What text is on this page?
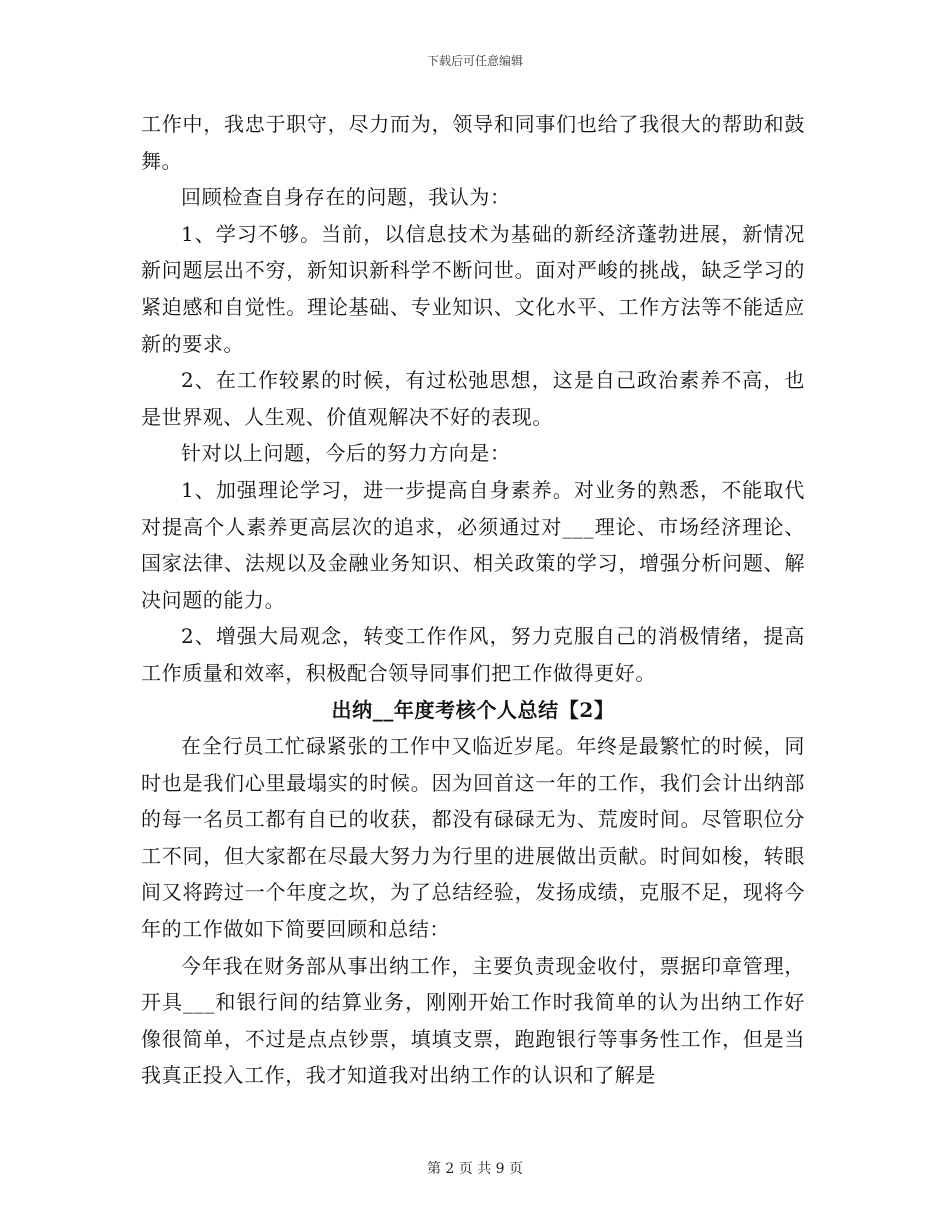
下载后可任意编辑

工作中，我忠于职守，尽力而为，领导和同事们也给了我很大的帮助和鼓舞。

回顾检查自身存在的问题，我认为：

1、学习不够。当前，以信息技术为基础的新经济蓬勃进展，新情况新问题层出不穷，新知识新科学不断问世。面对严峻的挑战，缺乏学习的紧迫感和自觉性。理论基础、专业知识、文化水平、工作方法等不能适应新的要求。

2、在工作较累的时候，有过松弛思想，这是自己政治素养不高，也是世界观、人生观、价值观解决不好的表现。

针对以上问题，今后的努力方向是：

1、加强理论学习，进一步提高自身素养。对业务的熟悉，不能取代对提高个人素养更高层次的追求，必须通过对___理论、市场经济理论、国家法律、法规以及金融业务知识、相关政策的学习，增强分析问题、解决问题的能力。

2、增强大局观念，转变工作作风，努力克服自己的消极情绪，提高工作质量和效率，积极配合领导同事们把工作做得更好。

出纳__年度考核个人总结【2】

在全行员工忙碌紧张的工作中又临近岁尾。年终是最繁忙的时候，同时也是我们心里最塌实的时候。因为回首这一年的工作，我们会计出纳部的每一名员工都有自已的收获，都没有碌碌无为、荒废时间。尽管职位分工不同，但大家都在尽最大努力为行里的进展做出贡献。时间如梭，转眼间又将跨过一个年度之坎，为了总结经验，发扬成绩，克服不足，现将今年的工作做如下简要回顾和总结：

今年我在财务部从事出纳工作，主要负责现金收付，票据印章管理，开具___和银行间的结算业务，刚刚开始工作时我简单的认为出纳工作好像很简单，不过是点点钞票，填填支票，跑跑银行等事务性工作，但是当我真正投入工作，我才知道我对出纳工作的认识和了解是

第 2 页 共 9 页
